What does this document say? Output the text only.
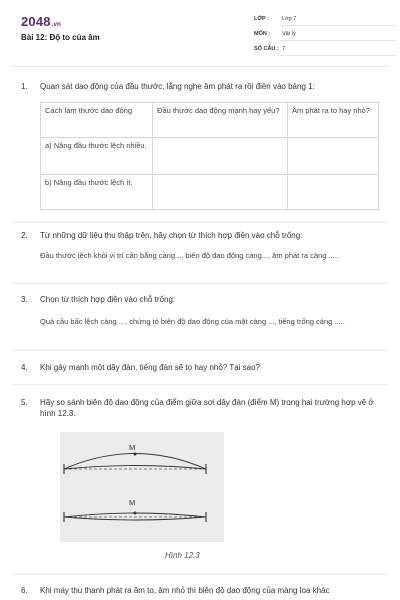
2048.vn
Bài 12: Độ to của âm
LỚP :	Lớp 7
MÔN :	Vật lý
SỐ CÂU : 7
1. Quan sát dao động của đầu thước, lắng nghe âm phát ra rồi điền vào bảng 1:
Cách làm thước dao động	Đầu thước dao động mạnh hay yếu?	Âm phát ra to hay nhỏ?
a) Nâng đầu thước lệch nhiều.		
b) Nâng đầu thước lệch ít.		
2. Từ những dữ liệu thu thập trên, hãy chọn từ thích hợp điền vào chỗ trống:
Đầu thước lệch khỏi vị trí cân bằng càng..., biên độ dao động càng..., âm phát ra càng .....
3. Chọn từ thích hợp điền vào chỗ trống:
Quả cầu bấc lệch càng ..., chứng tỏ biên độ dao động của mặt càng ..., tiếng trống càng .....
4. Khi gảy mạnh một dây đàn, tiếng đàn sẽ to hay nhỏ? Tại sao?
5. Hãy so sánh biên độ dao động của điểm giữa sợi dây đàn (điểm M) trong hai trường hợp vẽ ở hình 12.3.
M
M
Hình 12.3
6. Khi máy thu thanh phát ra âm to, âm nhỏ thì biên độ dao động của màng loa khác
